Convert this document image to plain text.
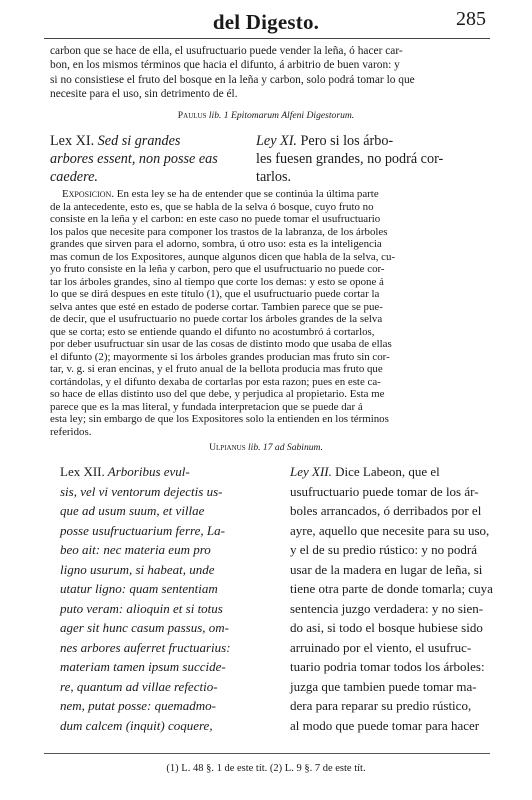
del Digesto.	285
carbon que se hace de ella, el usufructuario puede vender la leña, ó hacer car-
bon, en los mismos términos que hacia el difunto, á arbitrio de buen varon: y
si no consistiese el fruto del bosque en la leña y carbon, solo podrá tomar lo que
necesite para el uso, sin detrimento de él.
Paulus lib. 1 Epitomarum Alfeni Digestorum.
Lex XI. Sed si grandes
arbores essent, non posse eas
caedere.
Ley XI. Pero si los árbo-
les fuesen grandes, no podrá cor-
tarlos.
Exposicion. En esta ley se ha de entender que se continúa la última parte
de la antecedente, esto es, que se habla de la selva ó bosque, cuyo fruto no
consiste en la leña y el carbon: en este caso no puede tomar el usufructuario
los palos que necesite para componer los trastos de la labranza, de los árboles
grandes que sirven para el adorno, sombra, ú otro uso: esta es la inteligencia
mas comun de los Expositores, aunque algunos dicen que habla de la selva, cu-
yo fruto consiste en la leña y carbon, pero que el usufructuario no puede cor-
tar los árboles grandes, sino al tiempo que corte los demas: y esto se opone á
lo que se dirá despues en este título (1), que el usufructuario puede cortar la
selva antes que esté en estado de poderse cortar. Tambien parece que se pue-
de decir, que el usufructuario no puede cortar los árboles grandes de la selva
que se corta; esto se entiende quando el difunto no acostumbró á cortarlos,
por deber usufructuar sin usar de las cosas de distinto modo que usaba de ellas
el difunto (2); mayormente si los árboles grandes producian mas fruto sin cor-
tar, v. g. si eran encinas, y el fruto anual de la bellota producia mas fruto que
cortándolas, y el difunto dexaba de cortarlas por esta razon; pues en este ca-
so hace de ellas distinto uso del que debe, y perjudica al propietario. Esta me
parece que es la mas literal, y fundada interpretacion que se puede dar á
esta ley; sin embargo de que los Expositores solo la entienden en los términos
referidos.
Ulpianus lib. 17 ad Sabinum.
Lex XII. Arboribus evul-
sis, vel vi ventorum dejectis us-
que ad usum suum, et villae
posse usufructuarium ferre, La-
beo ait: nec materia eum pro
ligno usurum, si habeat, unde
utatur ligno: quam sententiam
puto veram: alioquin et si totus
ager sit hunc casum passus, om-
nes arbores auferret fructuarius:
materiam tamen ipsum succide-
re, quantum ad villae refectio-
nem, putat posse: quemadmo-
dum calcem (inquit) coquere,
Ley XII. Dice Labeon, que el
usufructuario puede tomar de los ár-
boles arrancados, ó derribados por el
ayre, aquello que necesite para su uso,
y el de su predio rústico: y no podrá
usar de la madera en lugar de leña, si
tiene otra parte de donde tomarla; cuya
sentencia juzgo verdadera: y no sien-
do asi, si todo el bosque hubiese sido
arruinado por el viento, el usufruc-
tuario podria tomar todos los árboles:
juzga que tambien puede tomar ma-
dera para reparar su predio rústico,
al modo que puede tomar para hacer
(1) L. 48 §. 1 de este tít. (2) L. 9 §. 7 de este tít.
